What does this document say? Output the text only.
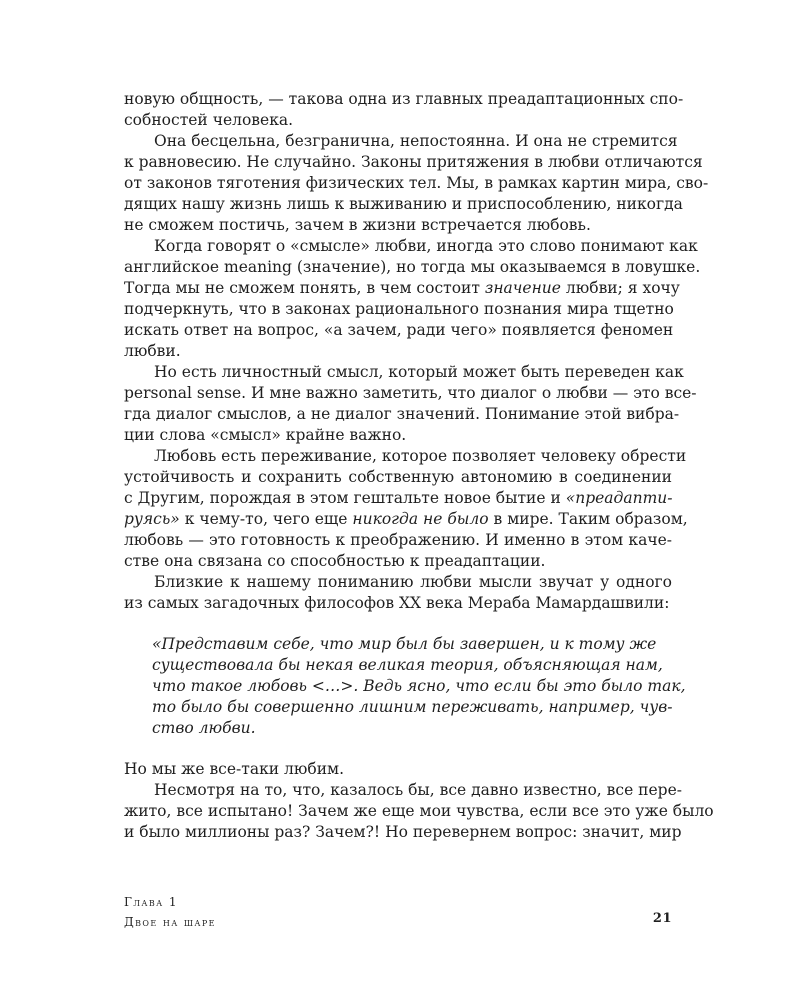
новую общность, — такова одна из главных преадаптационных спо-
собностей человека.
Она бесцельна, безгранична, непостоянна. И она не стремится
к равновесию. Не случайно. Законы притяжения в любви отличаются
от законов тяготения физических тел. Мы, в рамках картин мира, сво-
дящих нашу жизнь лишь к выживанию и приспособлению, никогда
не сможем постичь, зачем в жизни встречается любовь.
Когда говорят о «смысле» любви, иногда это слово понимают как
английское meaning (значение), но тогда мы оказываемся в ловушке.
Тогда мы не сможем понять, в чем состоит значение любви; я хочу
подчеркнуть, что в законах рационального познания мира тщетно
искать ответ на вопрос, «а зачем, ради чего» появляется феномен
любви.
Но есть личностный смысл, который может быть переведен как
personal sense. И мне важно заметить, что диалог о любви — это все-
гда диалог смыслов, а не диалог значений. Понимание этой вибра-
ции слова «смысл» крайне важно.
Любовь есть переживание, которое позволяет человеку обрести
устойчивость и сохранить собственную автономию в соединении
с Другим, порождая в этом гештальте новое бытие и «преадапти-
руясь» к чему-то, чего еще никогда не было в мире. Таким образом,
любовь — это готовность к преображению. И именно в этом каче-
стве она связана со способностью к преадаптации.
Близкие к нашему пониманию любви мысли звучат у одного
из самых загадочных философов XX века Мераба Мамардашвили:
«Представим себе, что мир был бы завершен, и к тому же
существовала бы некая великая теория, объясняющая нам,
что такое любовь <…>. Ведь ясно, что если бы это было так,
то было бы совершенно лишним переживать, например, чув-
ство любви.
Но мы же все-таки любим.
Несмотря на то, что, казалось бы, все давно известно, все пере-
жито, все испытано! Зачем же еще мои чувства, если все это уже было
и было миллионы раз? Зачем?! Но перевернем вопрос: значит, мир
Глава 1
Двое на шаре	21
